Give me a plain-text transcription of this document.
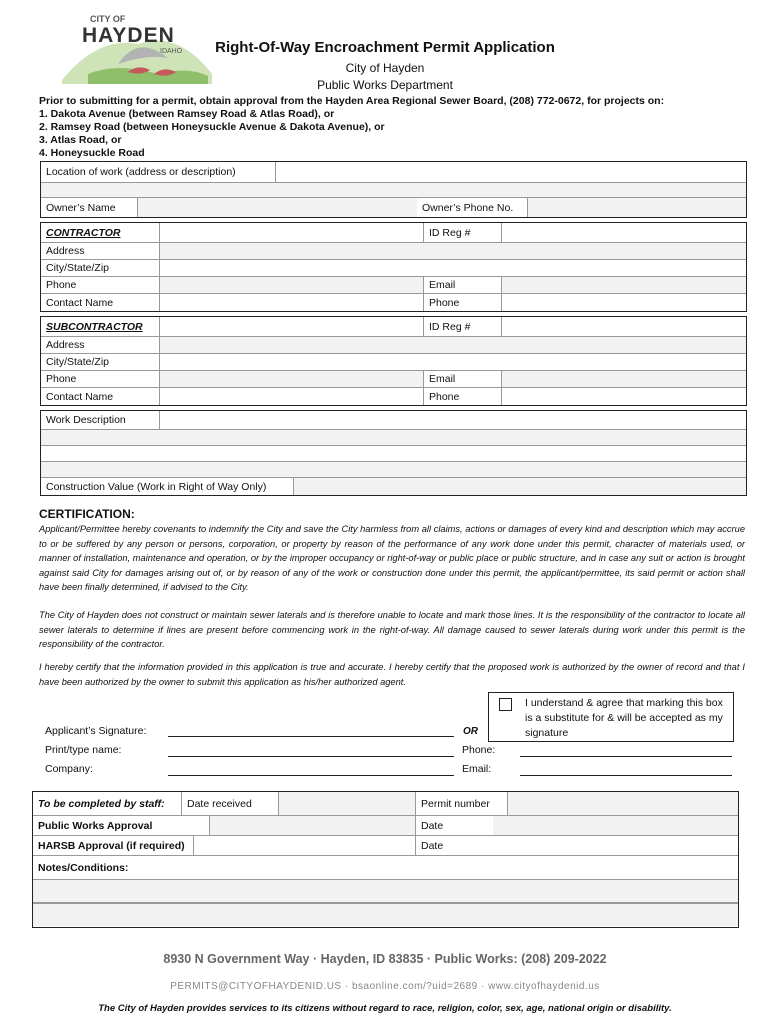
CITY OF
HAYDEN
IDAHO	Right-Of-Way Encroachment Permit Application
City of Hayden
Public Works Department
Prior to submitting for a permit, obtain approval from the Hayden Area Regional Sewer Board, (208) 772-0672, for projects on:
1. Dakota Avenue (between Ramsey Road & Atlas Road), or
2. Ramsey Road (between Honeysuckle Avenue & Dakota Avenue), or
3. Atlas Road, or
4. Honeysuckle Road
Location of work (address or description)
Owner’s Name	Owner’s Phone No.
CONTRACTOR	ID Reg #
Address
City/State/Zip
Phone	Email
Contact Name	Phone
SUBCONTRACTOR	ID Reg #
Address
City/State/Zip
Phone	Email
Contact Name	Phone
Work Description
Construction Value (Work in Right of Way Only)
CERTIFICATION:
Applicant/Permittee hereby covenants to indemnify the City and save the City harmless from all claims, actions or damages of every kind and description which may accrue to or be suffered by any person or persons, corporation, or property by reason of the performance of any work done under this permit, character of materials used, or manner of installation, maintenance and operation, or by the improper occupancy or right-of-way or public place or public structure, and in case any suit or action is brought against said City for damages arising out of, or by reason of any of the work or construction done under this permit, the applicant/permittee, its said permit or action shall have been finally determined, if advised to the City.
The City of Hayden does not construct or maintain sewer laterals and is therefore unable to locate and mark those lines. It is the responsibility of the contractor to locate all sewer laterals to determine if lines are present before commencing work in the right-of-way. All damage caused to sewer laterals during work under this permit is the responsibility of the contractor.
I hereby certify that the information provided in this application is true and accurate. I hereby certify that the proposed work is authorized by the owner of record and that I have been authorized by the owner to submit this application as his/her authorized agent.
Applicant’s Signature:	OR
Print/type name:	Phone:
Company:	Email:
I understand & agree that marking this box is a substitute for & will be accepted as my signature
To be completed by staff:	Date received	Permit number
Public Works Approval	Date
HARSB Approval (if required)	Date
Notes/Conditions:
8930 N Government Way · Hayden, ID 83835 · Public Works: (208) 209-2022
PERMITS@CITYOFHAYDENID.US · bsaonline.com/?uid=2689 · www.cityofhaydenid.us
The City of Hayden provides services to its citizens without regard to race, religion, color, sex, age, national origin or disability.
